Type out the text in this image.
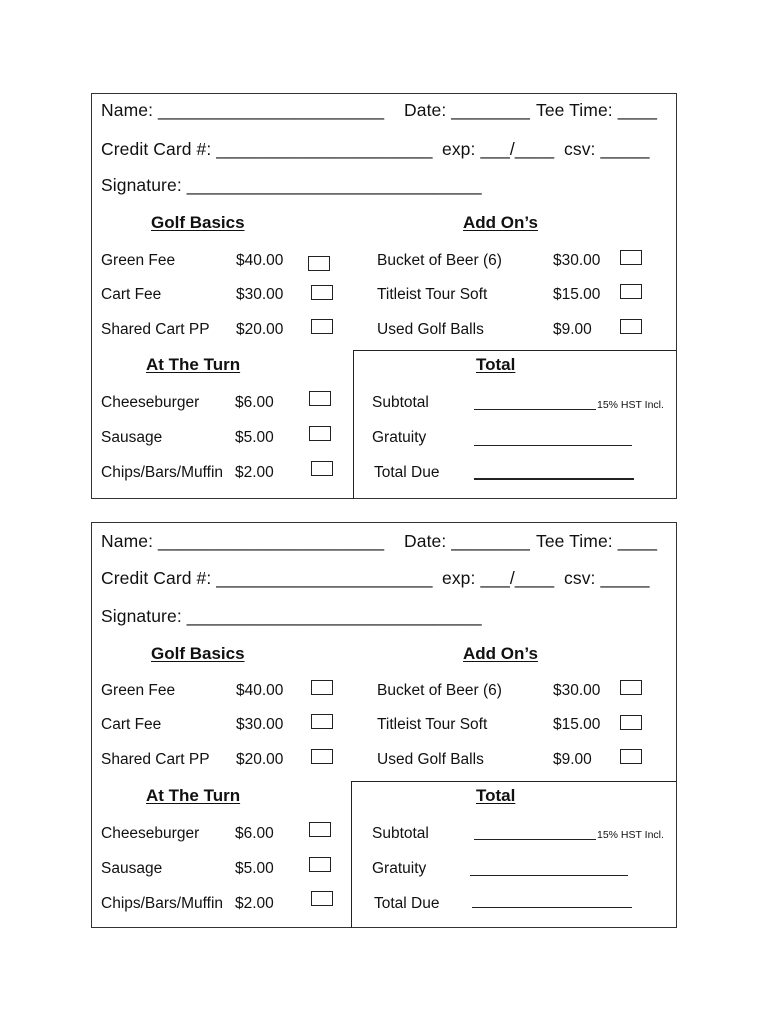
Name: _______________________ Date: ________ Tee Time: ____
Credit Card #: ______________________ exp: ___/____ csv: _____
Signature: ______________________________
Golf Basics	Add On’s
Green Fee	$40.00
Cart Fee	$30.00
Shared Cart PP $20.00
Bucket of Beer (6)	$30.00
Titleist Tour Soft	$15.00
Used Golf Balls	$9.00
At The Turn
Cheeseburger $6.00
Sausage	$5.00
Chips/Bars/Muffin $2.00
Total
Subtotal	15% HST Incl.
Gratuity
Total Due
Name: _______________________ Date: ________ Tee Time: ____
Credit Card #: ______________________ exp: ___/____ csv: _____
Signature: ______________________________
Golf Basics	Add On’s
Green Fee	$40.00
Cart Fee	$30.00
Shared Cart PP $20.00
Bucket of Beer (6)	$30.00
Titleist Tour Soft	$15.00
Used Golf Balls	$9.00
At The Turn
Cheeseburger $6.00
Sausage	$5.00
Chips/Bars/Muffin $2.00
Total
Subtotal	15% HST Incl.
Gratuity
Total Due
